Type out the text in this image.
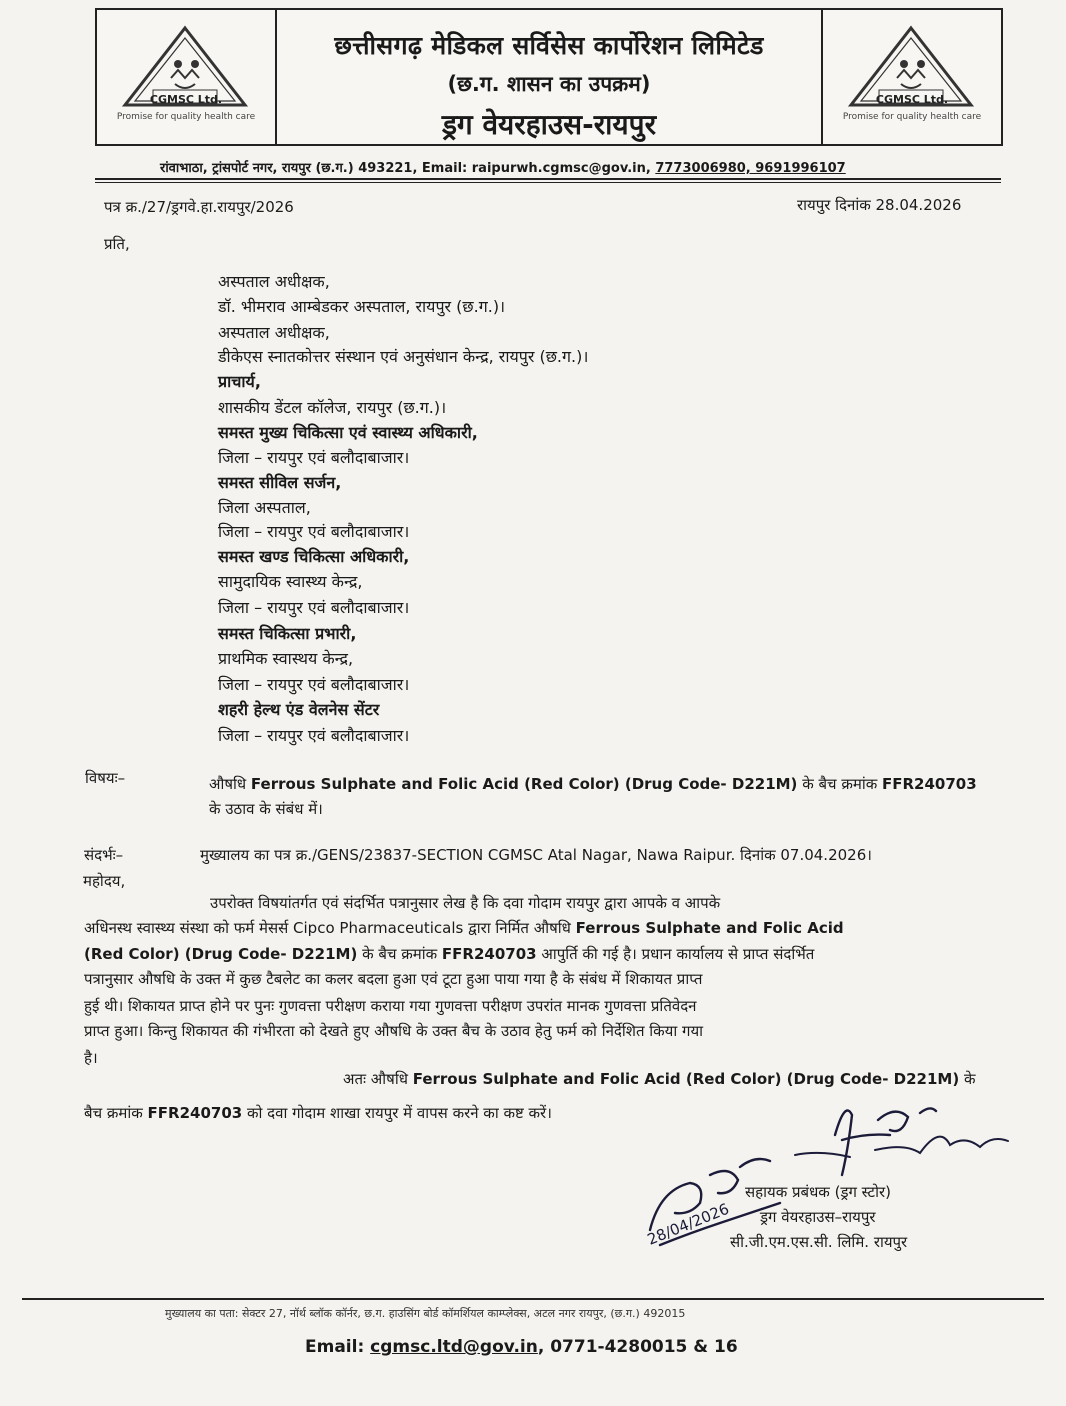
CGMSC Ltd.
Promise for quality health care
छत्तीसगढ़ मेडिकल सर्विसेस कार्पोरेशन लिमिटेड
(छ.ग. शासन का उपक्रम)
ड्रग वेयरहाउस-रायपुर
CGMSC Ltd.
Promise for quality health care
रांवाभाठा, ट्रांसपोर्ट नगर, रायपुर (छ.ग.) 493221, Email: raipurwh.cgmsc@gov.in, 7773006980, 9691996107
पत्र क्र./27/ड्रगवे.हा.रायपुर/2026	रायपुर दिनांक 28.04.2026
प्रति,
अस्पताल अधीक्षक,
डॉ. भीमराव आम्बेडकर अस्पताल, रायपुर (छ.ग.)।
अस्पताल अधीक्षक,
डीकेएस स्नातकोत्तर संस्थान एवं अनुसंधान केन्द्र, रायपुर (छ.ग.)।
प्राचार्य,
शासकीय डेंटल कॉलेज, रायपुर (छ.ग.)।
समस्त मुख्य चिकित्सा एवं स्वास्थ्य अधिकारी,
जिला – रायपुर एवं बलौदाबाजार।
समस्त सीविल सर्जन,
जिला अस्पताल,
जिला – रायपुर एवं बलौदाबाजार।
समस्त खण्ड चिकित्सा अधिकारी,
सामुदायिक स्वास्थ्य केन्द्र,
जिला – रायपुर एवं बलौदाबाजार।
समस्त चिकित्सा प्रभारी,
प्राथमिक स्वास्थय केन्द्र,
जिला – रायपुर एवं बलौदाबाजार।
शहरी हेल्थ एंड वेलनेस सेंटर
जिला – रायपुर एवं बलौदाबाजार।
विषयः–	औषधि Ferrous Sulphate and Folic Acid (Red Color) (Drug Code- D221M) के बैच क्रमांक FFR240703
के उठाव के संबंध में।
संदर्भः–	मुख्यालय का पत्र क्र./GENS/23837-SECTION CGMSC Atal Nagar, Nawa Raipur. दिनांक 07.04.2026।
महोदय,
उपरोक्त विषयांतर्गत एवं संदर्भित पत्रानुसार लेख है कि दवा गोदाम रायपुर द्वारा आपके व आपके
अधिनस्थ स्वास्थ्य संस्था को फर्म मेसर्स Cipco Pharmaceuticals द्वारा निर्मित औषधि Ferrous Sulphate and Folic Acid
(Red Color) (Drug Code- D221M) के बैच क्रमांक FFR240703 आपुर्ति की गई है। प्रधान कार्यालय से प्राप्त संदर्भित
पत्रानुसार औषधि के उक्त में कुछ टैबलेट का कलर बदला हुआ एवं टूटा हुआ पाया गया है के संबंध में शिकायत प्राप्त
हुई थी। शिकायत प्राप्त होने पर पुनः गुणवत्ता परीक्षण कराया गया गुणवत्ता परीक्षण उपरांत मानक गुणवत्ता प्रतिवेदन
प्राप्त हुआ। किन्तु शिकायत की गंभीरता को देखते हुए औषधि के उक्त बैच के उठाव हेतु फर्म को निर्देशित किया गया
है।
अतः औषधि Ferrous Sulphate and Folic Acid (Red Color) (Drug Code- D221M) के
बैच क्रमांक FFR240703 को दवा गोदाम शाखा रायपुर में वापस करने का कष्ट करें।
28/04/2026
सहायक प्रबंधक (ड्रग स्टोर)
ड्रग वेयरहाउस–रायपुर
सी.जी.एम.एस.सी. लिमि. रायपुर
मुख्यालय का पता: सेक्टर 27, नॉर्थ ब्लॉक कॉर्नर, छ.ग. हाउसिंग बोर्ड कॉमर्शियल काम्प्लेक्स, अटल नगर रायपुर, (छ.ग.) 492015
Email: cgmsc.ltd@gov.in, 0771-4280015 & 16
